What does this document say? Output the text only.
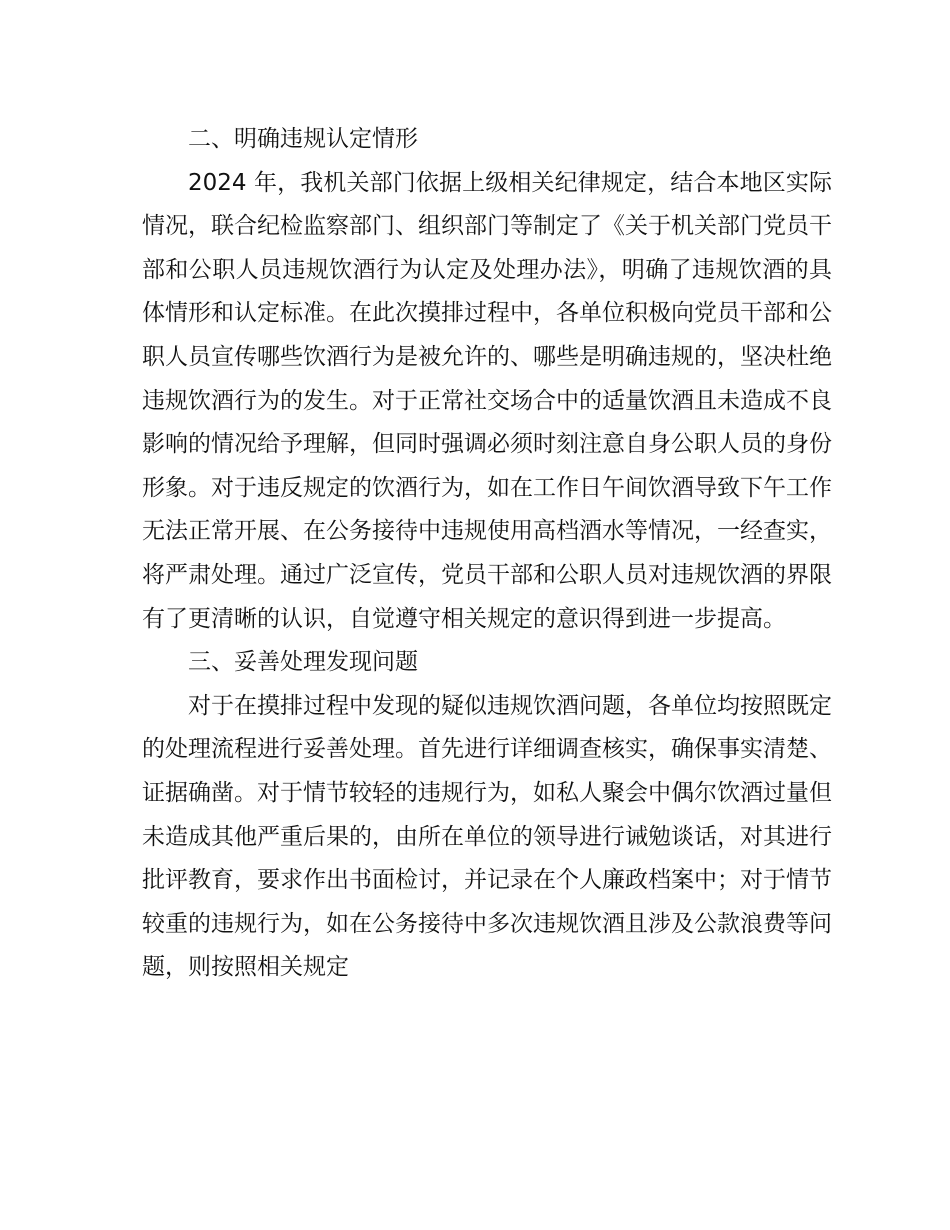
二、明确违规认定情形

2024 年，我机关部门依据上级相关纪律规定，结合本地区实际情况，联合纪检监察部门、组织部门等制定了《关于机关部门党员干部和公职人员违规饮酒行为认定及处理办法》，明确了违规饮酒的具体情形和认定标准。在此次摸排过程中，各单位积极向党员干部和公职人员宣传哪些饮酒行为是被允许的、哪些是明确违规的，坚决杜绝违规饮酒行为的发生。对于正常社交场合中的适量饮酒且未造成不良影响的情况给予理解，但同时强调必须时刻注意自身公职人员的身份形象。对于违反规定的饮酒行为，如在工作日午间饮酒导致下午工作无法正常开展、在公务接待中违规使用高档酒水等情况，一经查实，将严肃处理。通过广泛宣传，党员干部和公职人员对违规饮酒的界限有了更清晰的认识，自觉遵守相关规定的意识得到进一步提高。

三、妥善处理发现问题

对于在摸排过程中发现的疑似违规饮酒问题，各单位均按照既定的处理流程进行妥善处理。首先进行详细调查核实，确保事实清楚、证据确凿。对于情节较轻的违规行为，如私人聚会中偶尔饮酒过量但未造成其他严重后果的，由所在单位的领导进行诫勉谈话，对其进行批评教育，要求作出书面检讨，并记录在个人廉政档案中；对于情节较重的违规行为，如在公务接待中多次违规饮酒且涉及公款浪费等问题，则按照相关规定
